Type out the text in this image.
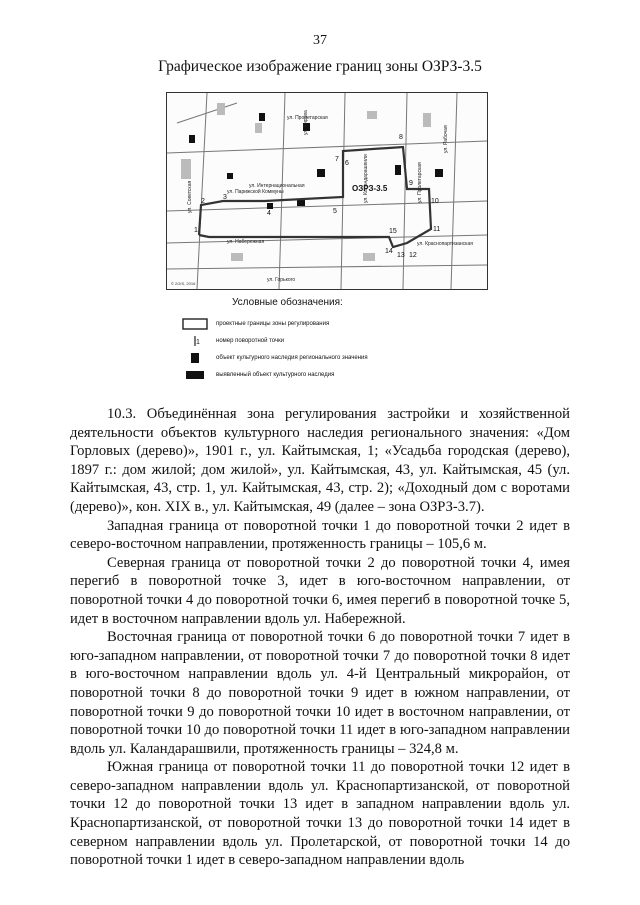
37
Графическое изображение границ зоны ОЗРЗ-3.5
ОЗРЗ-3.5
1
2
3
4	5
6
7
8
9
10
11
12
13
14
15
ул. Пролетарская
ул. Кирова
ул. Набережная
ул. Горького
ул. Советская
ул. Краснопартизанская
ул. Каландарашвили
ул. Интернациональная
ул. Рабочая
ул. Пролетарская
ул. Парижской Коммуны
© 2GIS, 2016
Условные обозначения:
проектные границы зоны регулирования
1	номер поворотной точки
объект культурного наследия регионального значения
выявленный объект культурного наследия

10.3. Объединённая зона регулирования застройки и хозяйственной деятельности объектов культурного наследия регионального значения: «Дом Горловых (дерево)», 1901 г., ул. Кайтымская, 1; «Усадьба городская (дерево), 1897 г.: дом жилой; дом жилой», ул. Кайтымская, 43, ул. Кайтымская, 45 (ул. Кайтымская, 43, стр. 1, ул. Кайтымская, 43, стр. 2); «Доходный дом с воротами (дерево)», кон. XIX в., ул. Кайтымская, 49 (далее – зона ОЗРЗ-3.7).

Западная граница от поворотной точки 1 до поворотной точки 2 идет в северо-восточном направлении, протяженность границы – 105,6 м.

Северная граница от поворотной точки 2 до поворотной точки 4, имея перегиб в поворотной точке 3, идет в юго-восточном направлении, от поворотной точки 4 до поворотной точки 6, имея перегиб в поворотной точке 5, идет в восточном направлении вдоль ул. Набережной.

Восточная граница от поворотной точки 6 до поворотной точки 7 идет в юго-западном направлении, от поворотной точки 7 до поворотной точки 8 идет в юго-восточном направлении вдоль ул. 4-й Центральный микрорайон, от поворотной точки 8 до поворотной точки 9 идет в южном направлении, от поворотной точки 9 до поворотной точки 10 идет в восточном направлении, от поворотной точки 10 до поворотной точки 11 идет в юго-западном направлении вдоль ул. Каландарашвили, протяженность границы – 324,8 м.

Южная граница от поворотной точки 11 до поворотной точки 12 идет в северо-западном направлении вдоль ул. Краснопартизанской, от поворотной точки 12 до поворотной точки 13 идет в западном направлении вдоль ул. Краснопартизанской, от поворотной точки 13 до поворотной точки 14 идет в северном направлении вдоль ул. Пролетарской, от поворотной точки 14 до поворотной точки 1 идет в северо-западном направлении вдоль
